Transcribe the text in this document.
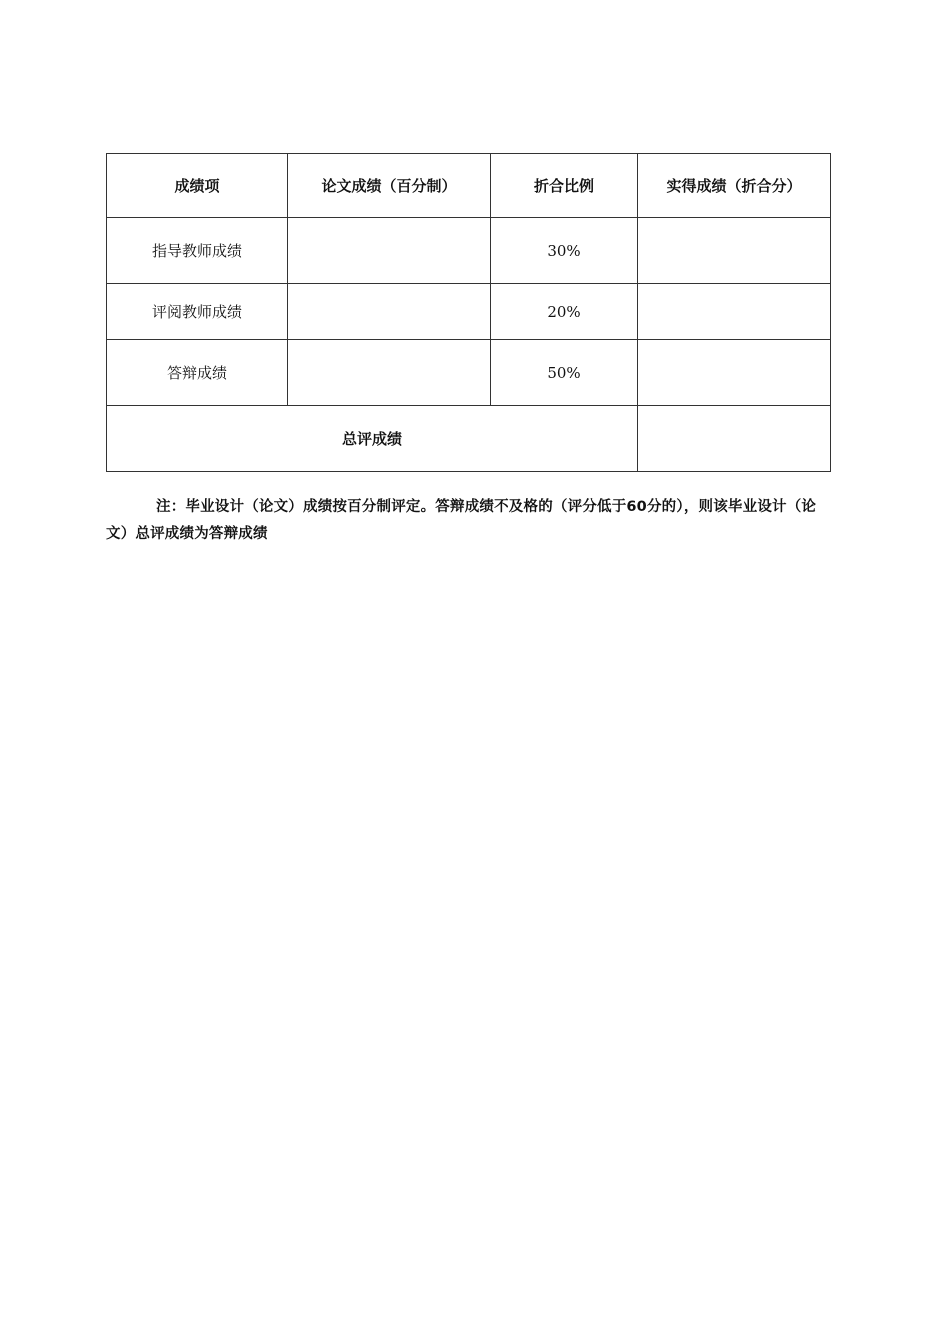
成绩项	论文成绩（百分制）	折合比例	实得成绩（折合分）
指导教师成绩		30%	
评阅教师成绩		20%	
答辩成绩		50%	
总评成绩			
注：毕业设计（论文）成绩按百分制评定。答辩成绩不及格的（评分低于60分的），则该毕业设计（论文）总评成绩为答辩成绩
